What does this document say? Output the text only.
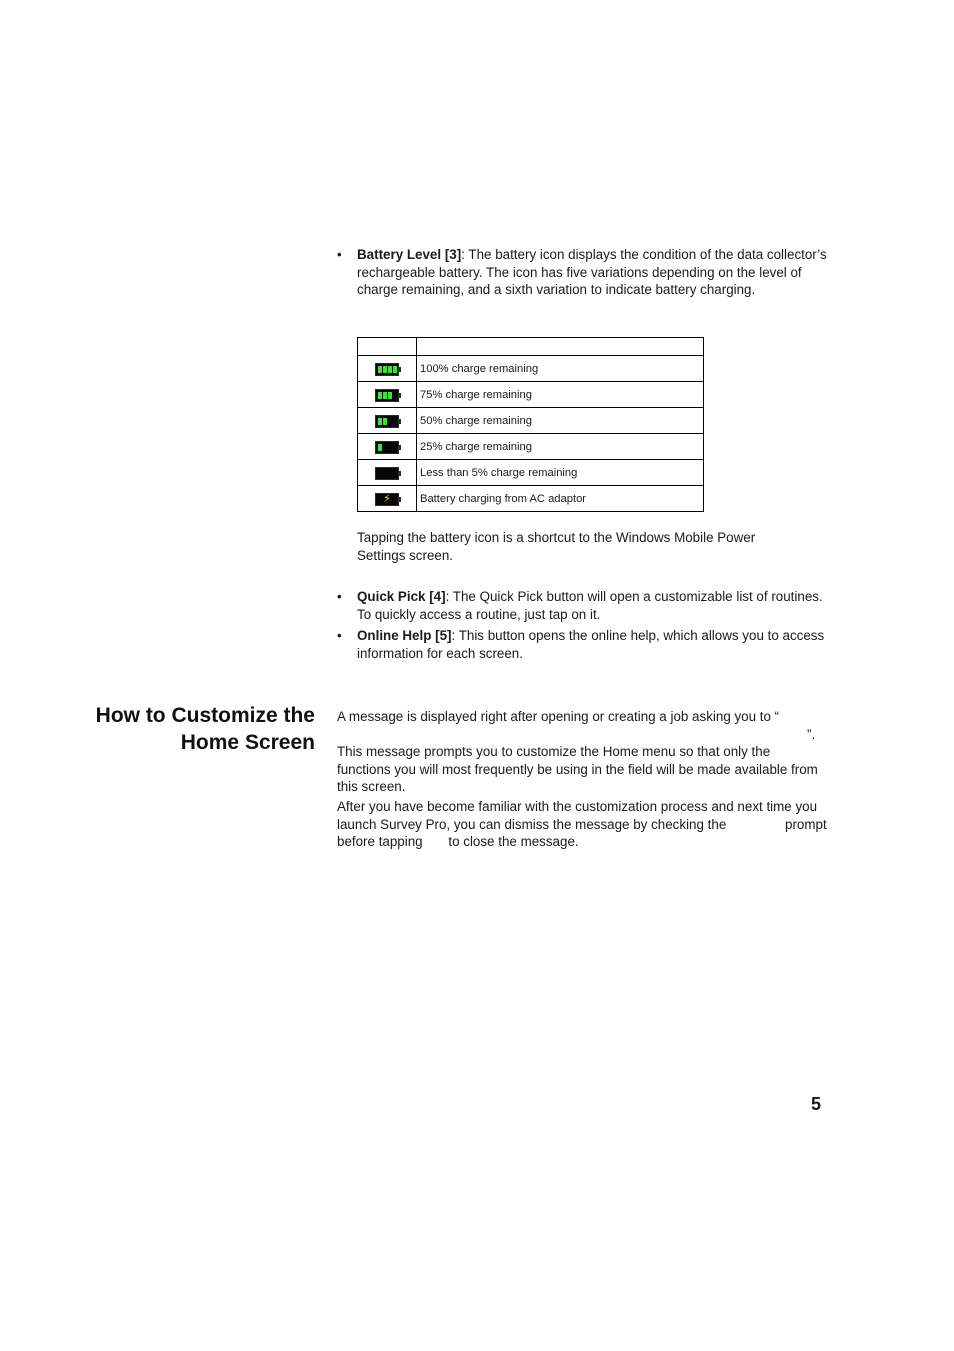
• Battery Level [3]: The battery icon displays the condition of the data collector’s rechargeable battery. The icon has five variations depending on the level of charge remaining, and a sixth variation to indicate battery charging.

	100% charge remaining

	75% charge remaining

	50% charge remaining

	25% charge remaining
	Less than 5% charge remaining

⚡	Battery charging from AC adaptor
Tapping the battery icon is a shortcut to the Windows Mobile Power Settings screen.
• Quick Pick [4]: The Quick Pick button will open a customizable list of routines. To quickly access a routine, just tap on it.
• Online Help [5]: This button opens the online help, which allows you to access information for each screen.
How to Customize the
Home Screen
A message is displayed right after opening or creating a job asking you to “”. This message prompts you to customize the Home menu so that only the functions you will most frequently be using in the field will be made available from this screen.
After you have become familiar with the customization process and next time you launch Survey Pro, you can dismiss the message by checking the	prompt before tapping to close the message.
5
